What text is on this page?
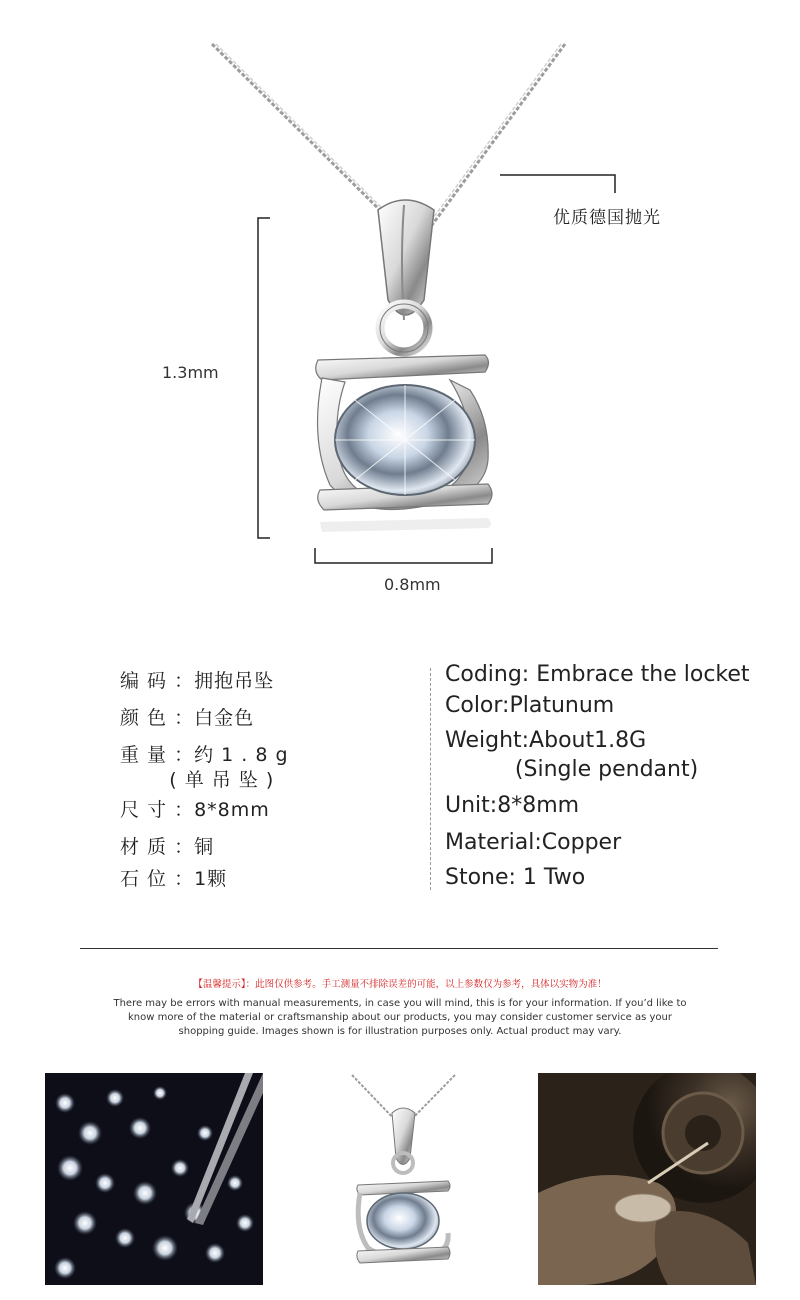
1.3mm
0.8mm
优质德国抛光
编 码 ：拥抱吊坠
颜 色 ：白金色
重 量 ：约 1 . 8 g
( 单 吊 坠 )
尺 寸 ：8*8mm
材 质 ：铜
石 位 ：1颗
Coding: Embrace the locket
Color:Platunum
Weight:About1.8G
(Single pendant)
Unit:8*8mm
Material:Copper
Stone: 1 Two
【温馨提示】：此图仅供参考。手工测量不排除误差的可能，以上参数仅为参考，具体以实物为准！
There may be errors with manual measurements, in case you will mind, this is for your information. If you’d like to know more of the material or craftsmanship about our products, you may consider customer service as your shopping guide. Images shown is for illustration purposes only. Actual product may vary.
